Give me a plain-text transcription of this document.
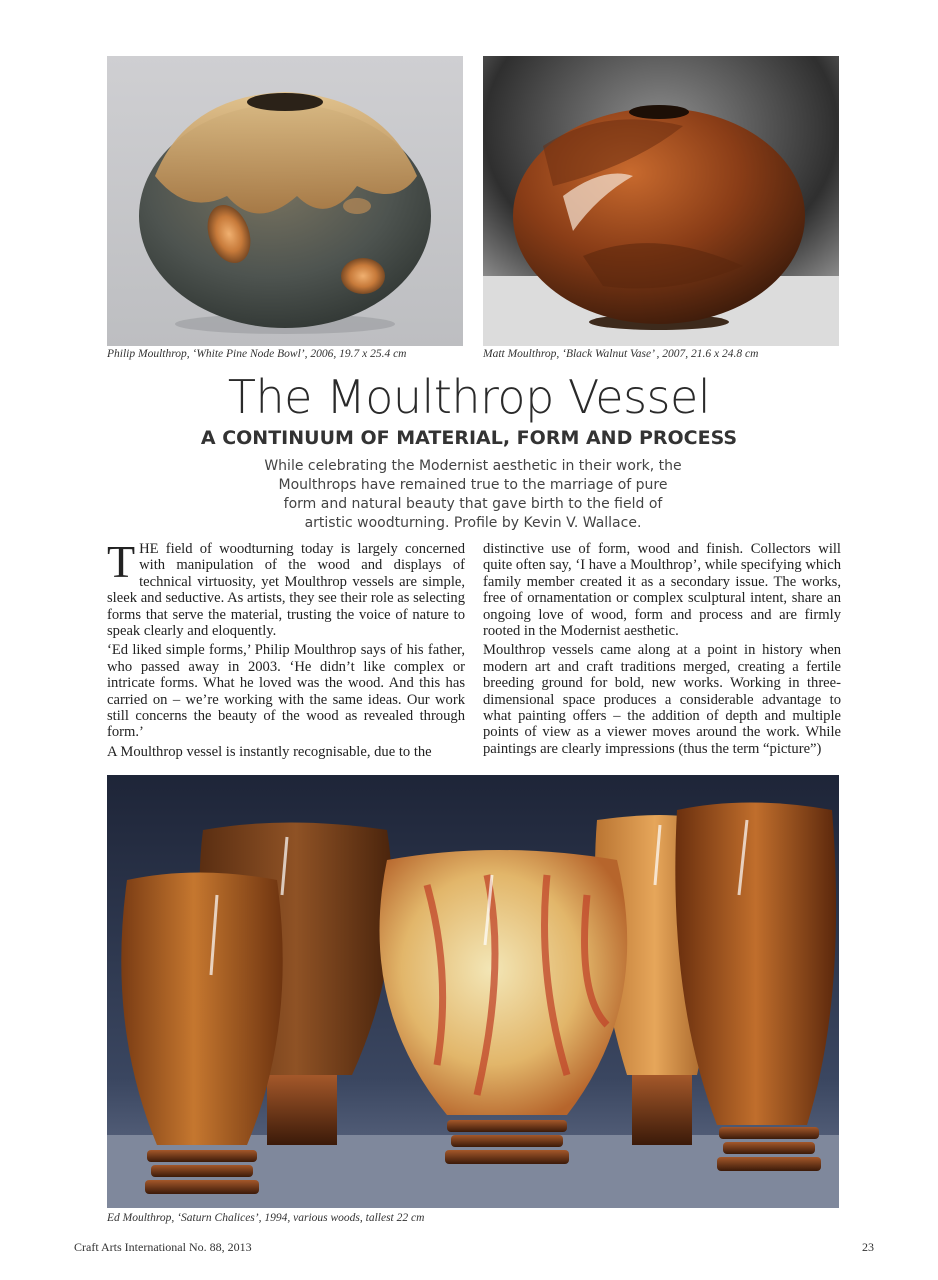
Philip Moulthrop, ‘White Pine Node Bowl’, 2006, 19.7 x 25.4 cm	Matt Moulthrop, ‘Black Walnut Vase’ , 2007, 21.6 x 24.8 cm
The Moulthrop Vessel
A CONTINUUM OF MATERIAL, FORM AND PROCESS

While celebrating the Modernist aesthetic in their work, the Moulthrops have remained true to the marriage of pure form and natural beauty that gave birth to the field of artistic woodturning. Profile by Kevin V. Wallace.

THE field of woodturning today is largely concerned with manipulation of the wood and displays of technical virtuosity, yet Moulthrop vessels are simple, sleek and seductive. As artists, they see their role as selecting forms that serve the material, trusting the voice of nature to speak clearly and eloquently.

‘Ed liked simple forms,’ Philip Moulthrop says of his father, who passed away in 2003. ‘He didn’t like complex or intricate forms. What he loved was the wood. And this has carried on – we’re working with the same ideas. Our work still concerns the beauty of the wood as revealed through form.’

A Moulthrop vessel is instantly recognisable, due to the

distinctive use of form, wood and finish. Collectors will quite often say, ‘I have a Moulthrop’, while specifying which family member created it as a secondary issue. The works, free of ornamentation or complex sculptural intent, share an ongoing love of wood, form and process and are firmly rooted in the Modernist aesthetic.

Moulthrop vessels came along at a point in history when modern art and craft traditions merged, creating a fertile breeding ground for bold, new works. Working in three-dimensional space produces a considerable advantage to what painting offers – the addition of depth and multiple points of view as a viewer moves around the work. While paintings are clearly impressions (thus the term “picture”)

Ed Moulthrop, ‘Saturn Chalices’, 1994, various woods, tallest 22 cm
Craft Arts International No. 88, 2013	23
